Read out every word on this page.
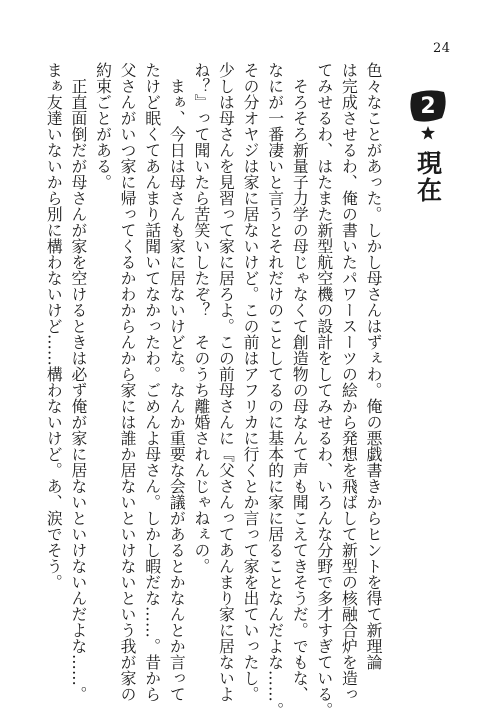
24
2
現在

色々なことがあった。しかし母さんはずぇわ。俺の悪戯書きからヒントを得て新理論

は完成させるわ、俺の書いたパワースーツの絵から発想を飛ばして新型の核融合炉を造っ

てみせるわ、はたまた新型航空機の設計をしてみせるわ、いろんな分野で多才すぎている。

　そろそろ新量子力学の母じゃなくて創造物の母なんて声も聞こえてきそうだ。でもな、

なにが一番凄いと言うとそれだけのことしてるのに基本的に家に居ることなんだよな……。

その分オヤジは家に居ないけど。この前はアフリカに行くとか言って家を出ていったし。

少しは母さんを見習って家に居ろよ。この前母さんに『父さんってあんまり家に居ないよ

ね？』って聞いたら苦笑いしたぞ？　そのうち離婚されんじゃねぇの。

　まぁ、今日は母さんも家に居ないけどな。なんか重要な会議があるとかなんとか言って

たけど眠くてあんまり話聞いてなかったわ。ごめんよ母さん。しかし暇だな……。昔から

父さんがいつ家に帰ってくるかわからんから家には誰か居ないといけないという我が家の

約束ごとがある。

　正直面倒だが母さんが家を空けるときは必ず俺が家に居ないといけないんだよな……。

まぁ友達いないから別に構わないけど……構わないけど。あ、涙でそう。
